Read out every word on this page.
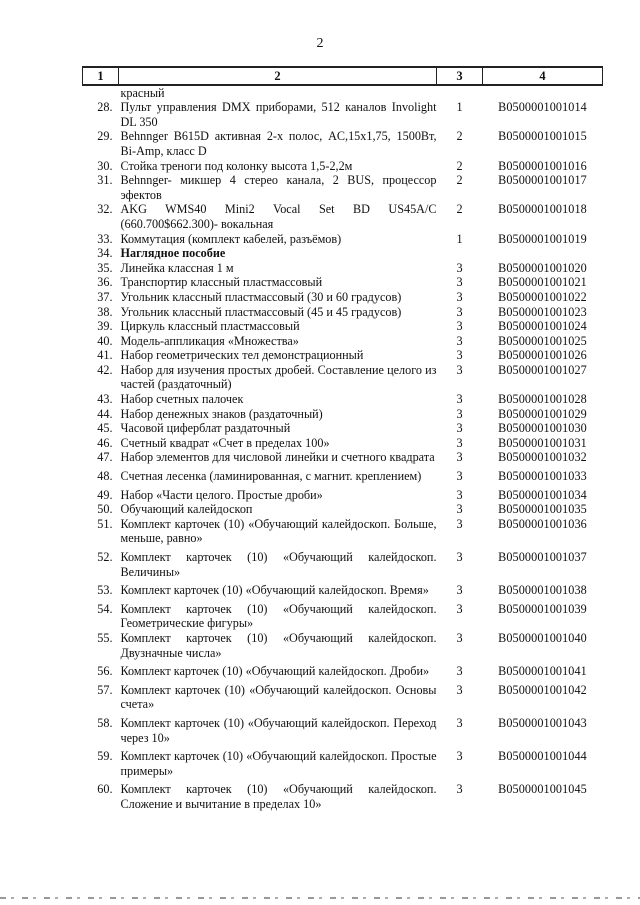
2
1	2	3	4
	красный		
28.	Пульт управления DMX приборами, 512 каналов Involight DL 350	1	B0500001001014
29.	Behnnger B615D активная 2-х полос, AC,15x1,75, 1500Вт, Bi-Amp, класс D	2	B0500001001015
30.	Стойка треноги под колонку высота 1,5-2,2м	2	B0500001001016
31.	Behnnger- микшер 4 стерео канала, 2 BUS, процессор эфектов	2	B0500001001017
32.	AKG WMS40 Mini2 Vocal Set BD US45A/C (660.700$662.300)- вокальная	2	B0500001001018
33.	Коммутация (комплект кабелей, разъёмов)	1	B0500001001019
34.	Наглядное пособие		
35.	Линейка классная 1 м	3	B0500001001020
36.	Транспортир классный пластмассовый	3	B0500001001021
37.	Угольник классный пластмассовый (30 и 60 градусов)	3	B0500001001022
38.	Угольник классный пластмассовый (45 и 45 градусов)	3	B0500001001023
39.	Циркуль классный пластмассовый	3	B0500001001024
40.	Модель-аппликация «Множества»	3	B0500001001025
41.	Набор геометрических тел демонстрационный	3	B0500001001026
42.	Набор для изучения простых дробей. Составление целого из частей (раздаточный)	3	B0500001001027
43.	Набор счетных палочек	3	B0500001001028
44.	Набор денежных знаков (раздаточный)	3	B0500001001029
45.	Часовой циферблат раздаточный	3	B0500001001030
46.	Счетный квадрат «Счет в пределах 100»	3	B0500001001031
47.	Набор элементов для числовой линейки и счетного квадрата	3	B0500001001032
48.	Счетная лесенка (ламинированная, с магнит. креплением)	3	B0500001001033
49.	Набор «Части целого. Простые дроби»	3	B0500001001034
50.	Обучающий калейдоскоп	3	B0500001001035
51.	Комплект карточек (10) «Обучающий калейдоскоп. Больше, меньше, равно»	3	B0500001001036
52.	Комплект карточек (10) «Обучающий калейдоскоп. Величины»	3	B0500001001037
53.	Комплект карточек (10) «Обучающий калейдоскоп. Время»	3	B0500001001038
54.	Комплект карточек (10) «Обучающий калейдоскоп. Геометрические фигуры»	3	B0500001001039
55.	Комплект карточек (10) «Обучающий калейдоскоп. Двузначные числа»	3	B0500001001040
56.	Комплект карточек (10) «Обучающий калейдоскоп. Дроби»	3	B0500001001041
57.	Комплект карточек (10) «Обучающий калейдоскоп. Основы счета»	3	B0500001001042
58.	Комплект карточек (10) «Обучающий калейдоскоп. Переход через 10»	3	B0500001001043
59.	Комплект карточек (10) «Обучающий калейдоскоп. Простые примеры»	3	B0500001001044
60.	Комплект карточек (10) «Обучающий калейдоскоп. Сложение и вычитание в пределах 10»	3	B0500001001045
